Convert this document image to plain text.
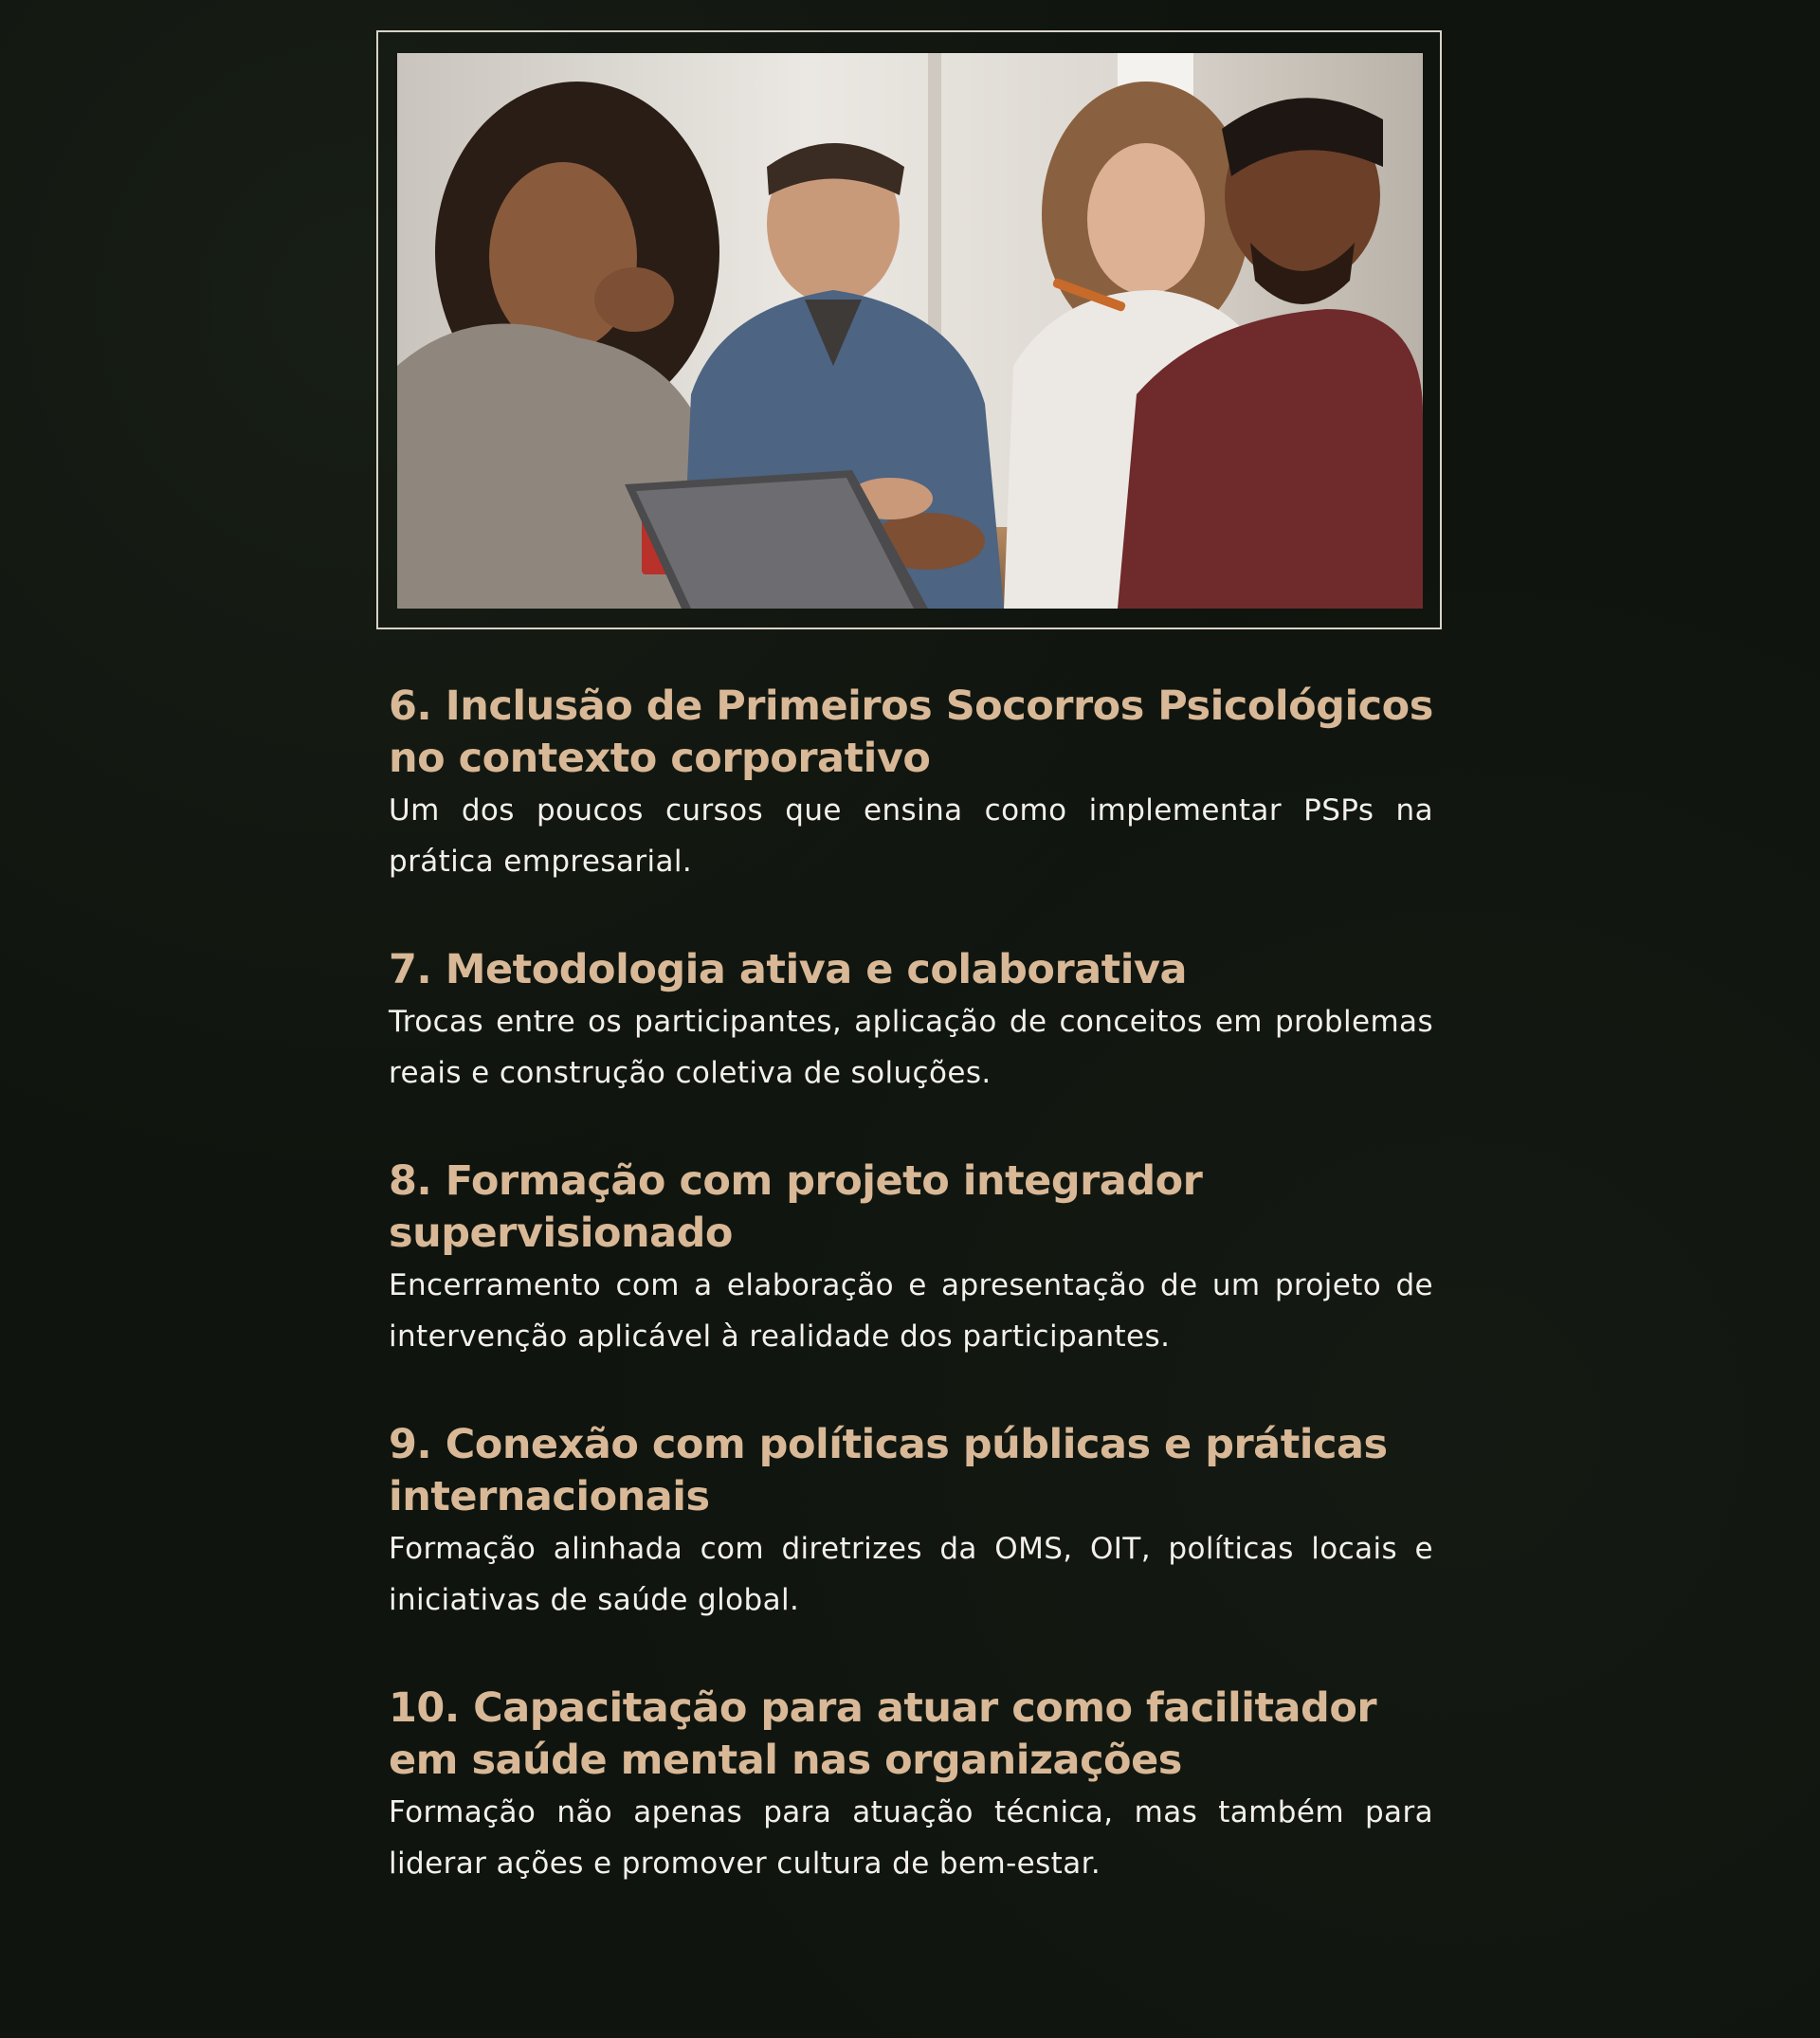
6. Inclusão de Primeiros Socorros Psicológicos no contexto corporativo

Um dos poucos cursos que ensina como implementar PSPs na prática empresarial.

7. Metodologia ativa e colaborativa

Trocas entre os participantes, aplicação de conceitos em problemas reais e construção coletiva de soluções.

8. Formação com projeto integrador supervisionado

Encerramento com a elaboração e apresentação de um projeto de intervenção aplicável à realidade dos participantes.

9. Conexão com políticas públicas e práticas internacionais

Formação alinhada com diretrizes da OMS, OIT, políticas locais e iniciativas de saúde global.

10. Capacitação para atuar como facilitador em saúde mental nas organizações

Formação não apenas para atuação técnica, mas também para liderar ações e promover cultura de bem-estar.
